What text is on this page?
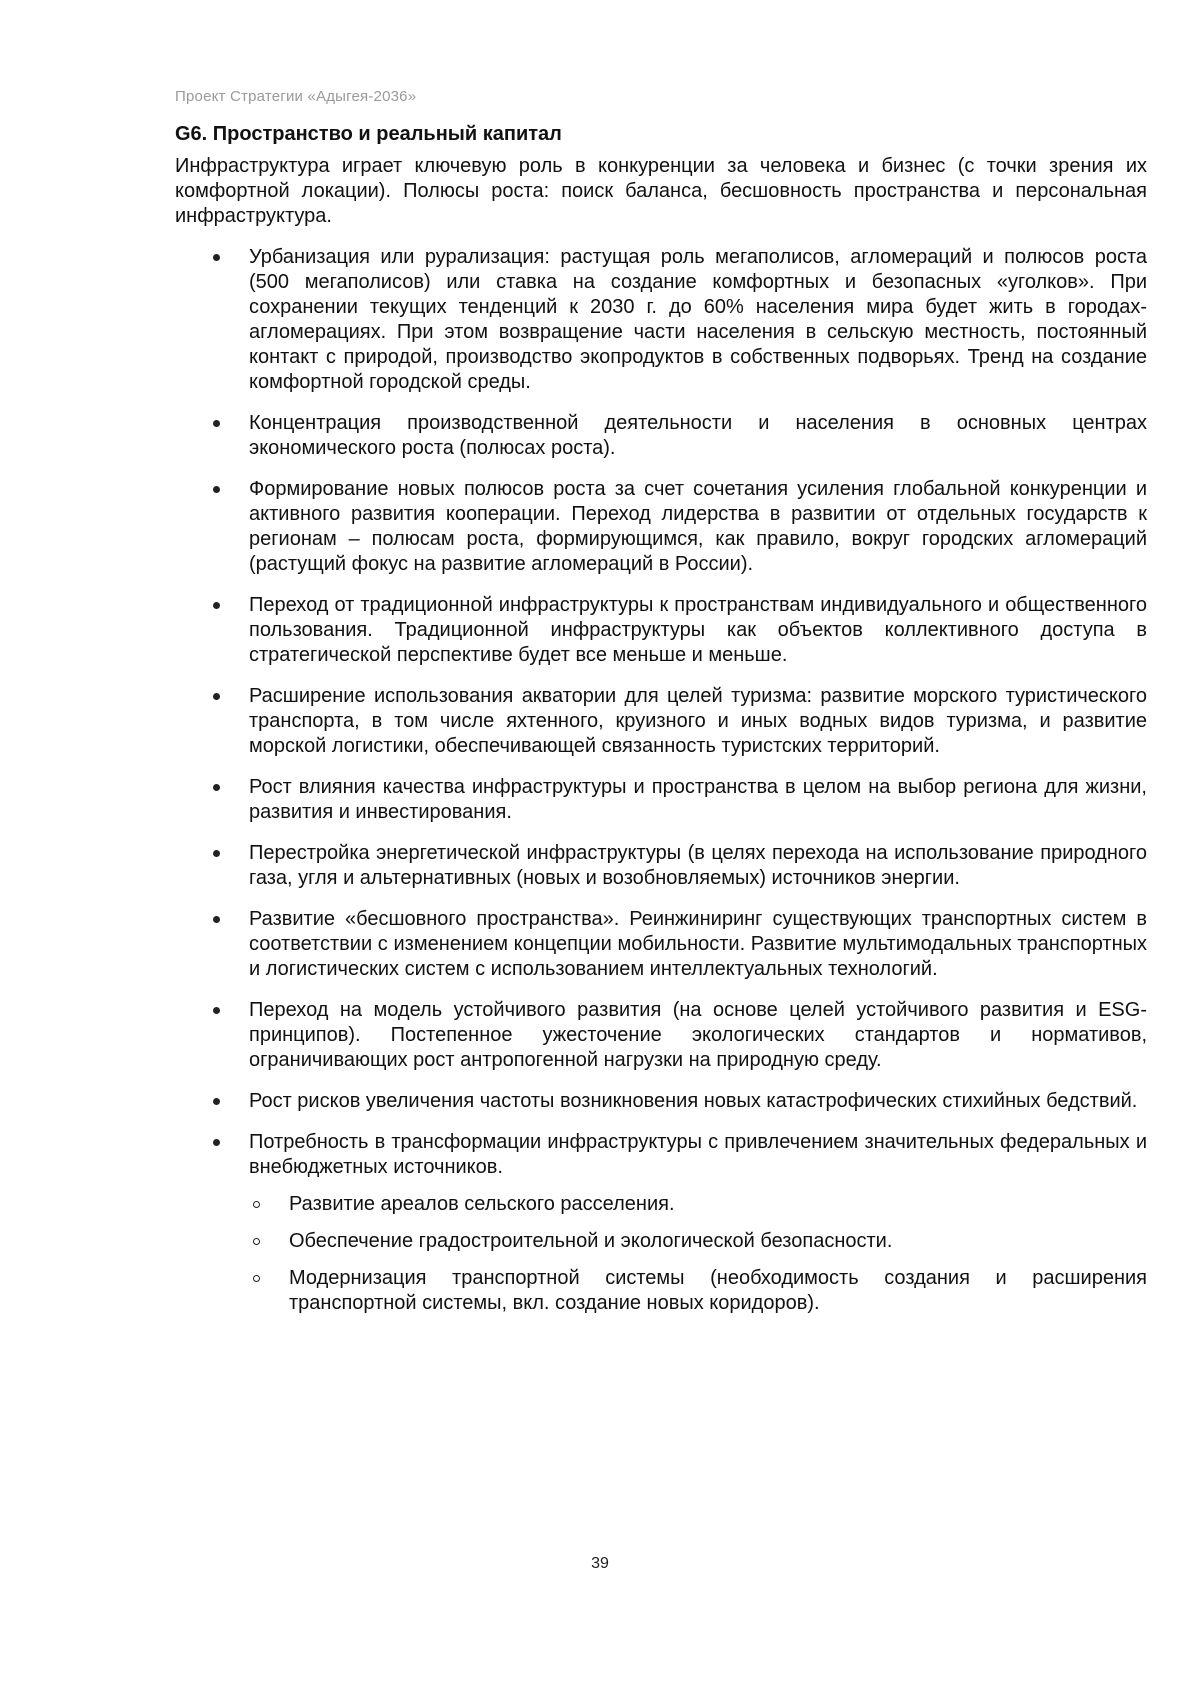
Проект Стратегии «Адыгея-2036»
G6. Пространство и реальный капитал

Инфраструктура играет ключевую роль в конкуренции за человека и бизнес (с точки зрения их комфортной локации). Полюсы роста: поиск баланса, бесшовность пространства и персональная инфраструктура.

Урбанизация или рурализация: растущая роль мегаполисов, агломераций и полюсов роста (500 мегаполисов) или ставка на создание комфортных и безопасных «уголков». При сохранении текущих тенденций к 2030 г. до 60% населения мира будет жить в городах-агломерациях. При этом возвращение части населения в сельскую местность, постоянный контакт с природой, производство экопродуктов в собственных подворьях. Тренд на создание комфортной городской среды.
Концентрация производственной деятельности и населения в основных центрах экономического роста (полюсах роста).
Формирование новых полюсов роста за счет сочетания усиления глобальной конкуренции и активного развития кооперации. Переход лидерства в развитии от отдельных государств к регионам – полюсам роста, формирующимся, как правило, вокруг городских агломераций (растущий фокус на развитие агломераций в России).
Переход от традиционной инфраструктуры к пространствам индивидуального и общественного пользования. Традиционной инфраструктуры как объектов коллективного доступа в стратегической перспективе будет все меньше и меньше.
Расширение использования акватории для целей туризма: развитие морского туристического транспорта, в том числе яхтенного, круизного и иных водных видов туризма, и развитие морской логистики, обеспечивающей связанность туристских территорий.
Рост влияния качества инфраструктуры и пространства в целом на выбор региона для жизни, развития и инвестирования.
Перестройка энергетической инфраструктуры (в целях перехода на использование природного газа, угля и альтернативных (новых и возобновляемых) источников энергии.
Развитие «бесшовного пространства». Реинжиниринг существующих транспортных систем в соответствии с изменением концепции мобильности. Развитие мультимодальных транспортных и логистических систем с использованием интеллектуальных технологий.
Переход на модель устойчивого развития (на основе целей устойчивого развития и ESG-принципов). Постепенное ужесточение экологических стандартов и нормативов, ограничивающих рост антропогенной нагрузки на природную среду.
Рост рисков увеличения частоты возникновения новых катастрофических стихийных бедствий.
Потребность в трансформации инфраструктуры с привлечением значительных федеральных и внебюджетных источников.
Развитие ареалов сельского расселения.
Обеспечение градостроительной и экологической безопасности.
Модернизация транспортной системы (необходимость создания и расширения транспортной системы, вкл. создание новых коридоров).
39
